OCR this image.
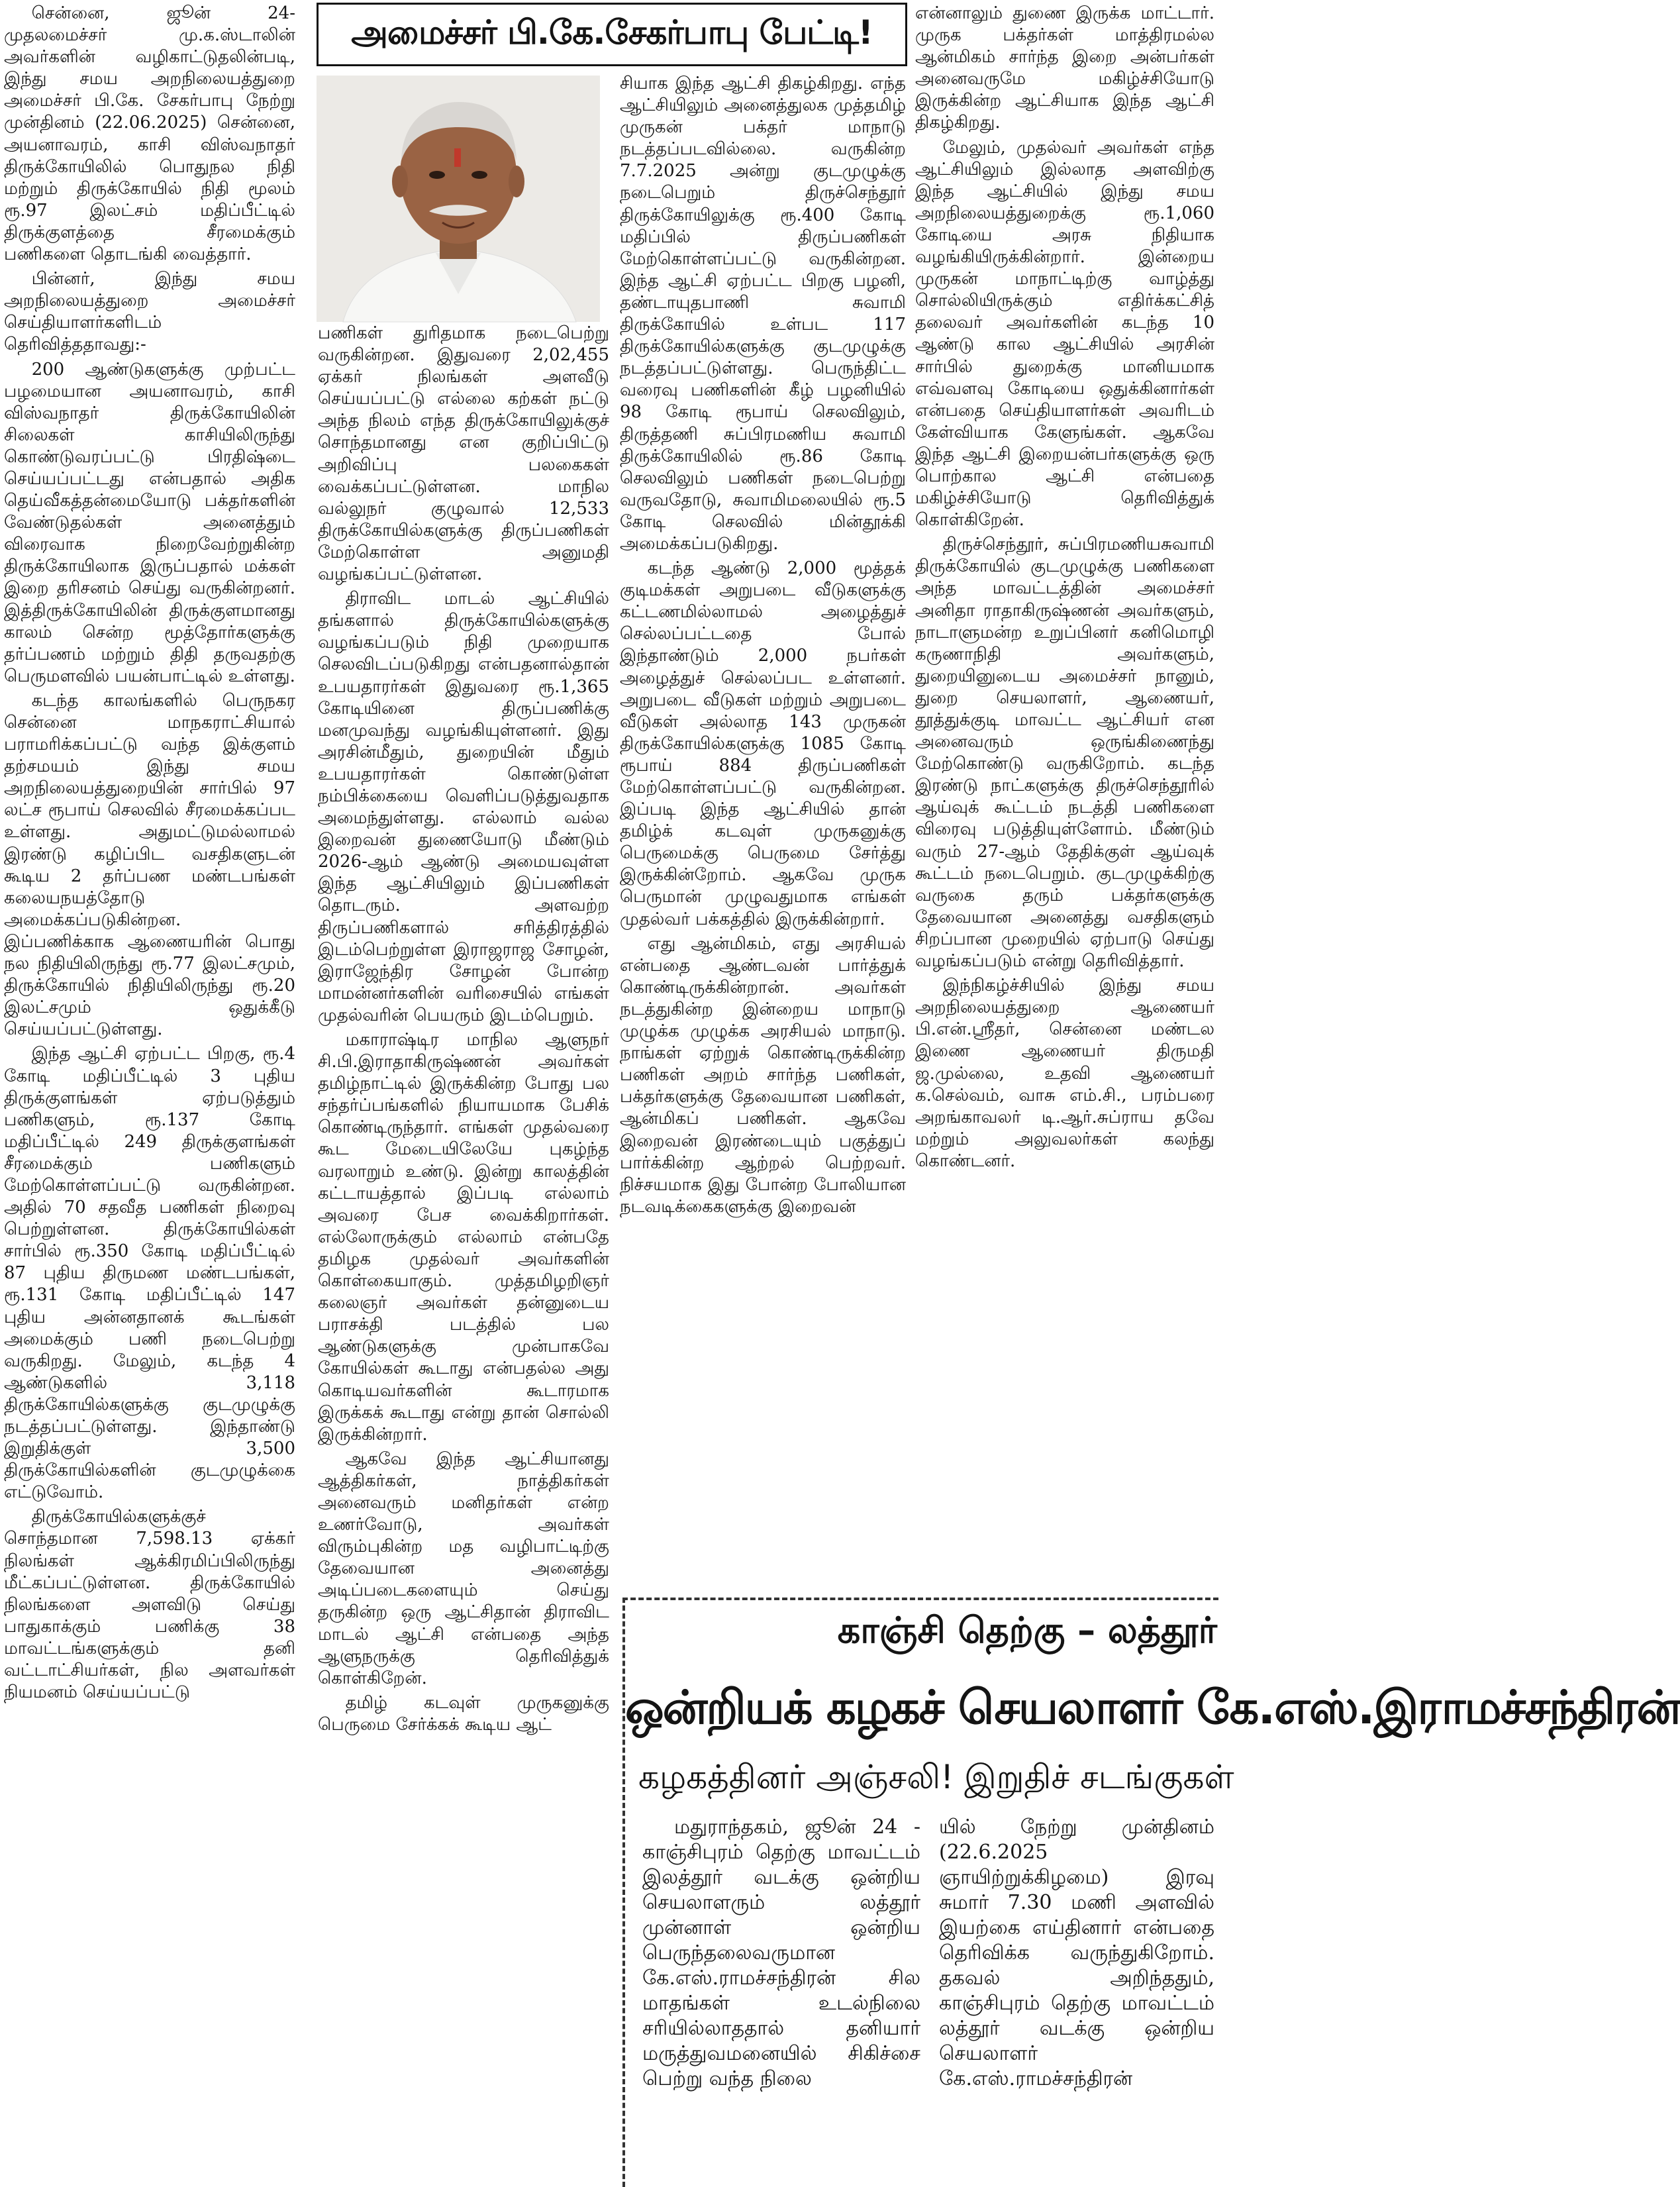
அமைச்சர் பி.கே.சேகர்பாபு பேட்டி!

சென்னை, ஜூன் 24- முதலமைச்சர் மு.க.ஸ்டாலின் அவர்களின் வழிகாட்டுதலின்படி, இந்து சமய அறநிலையத்துறை அமைச்சர் பி.கே. சேகர்பாபு நேற்று முன்தினம் (22.06.2025) சென்னை, அயனாவரம், காசி விஸ்வநாதர் திருக்கோயிலில் பொதுநல நிதி மற்றும் திருக்கோயில் நிதி மூலம் ரூ.97 இலட்சம் மதிப்பீட்டில் திருக்குளத்தை சீரமைக்கும் பணிகளை தொடங்கி வைத்தார்.

பின்னர், இந்து சமய அறநிலையத்துறை அமைச்சர் செய்தியாளர்களிடம் தெரிவித்ததாவது:-

200 ஆண்டுகளுக்கு முற்பட்ட பழமையான அயனாவரம், காசி விஸ்வநாதர் திருக்கோயிலின் சிலைகள் காசியிலிருந்து கொண்டுவரப்பட்டு பிரதிஷ்டை செய்யப்பட்டது என்பதால் அதிக தெய்வீகத்தன்மையோடு பக்தர்களின் வேண்டுதல்கள் அனைத்தும் விரைவாக நிறைவேற்றுகின்ற திருக்கோயிலாக இருப்பதால் மக்கள் இறை தரிசனம் செய்து வருகின்றனர். இத்திருக்கோயிலின் திருக்குளமானது காலம் சென்ற மூத்தோர்களுக்கு தர்ப்பணம் மற்றும் திதி தருவதற்கு பெருமளவில் பயன்பாட்டில் உள்ளது.

கடந்த காலங்களில் பெருநகர சென்னை மாநகராட்சியால் பராமரிக்கப்பட்டு வந்த இக்குளம் தற்சமயம் இந்து சமய அறநிலையத்துறையின் சார்பில் 97 லட்ச ரூபாய் செலவில் சீரமைக்கப்பட உள்ளது. அதுமட்டுமல்லாமல் இரண்டு கழிப்பிட வசதிகளுடன் கூடிய 2 தர்ப்பண மண்டபங்கள் கலையநயத்தோடு அமைக்கப்படுகின்றன. இப்பணிக்காக ஆணையரின் பொது நல நிதியிலிருந்து ரூ.77 இலட்சமும், திருக்கோயில் நிதியிலிருந்து ரூ.20 இலட்சமும் ஒதுக்கீடு செய்யப்பட்டுள்ளது.

இந்த ஆட்சி ஏற்பட்ட பிறகு, ரூ.4 கோடி மதிப்பீட்டில் 3 புதிய திருக்குளங்கள் ஏற்படுத்தும் பணிகளும், ரூ.137 கோடி மதிப்பீட்டில் 249 திருக்குளங்கள் சீரமைக்கும் பணிகளும் மேற்கொள்ளப்பட்டு வருகின்றன. அதில் 70 சதவீத பணிகள் நிறைவு பெற்றுள்ளன. திருக்கோயில்கள் சார்பில் ரூ.350 கோடி மதிப்பீட்டில் 87 புதிய திருமண மண்டபங்கள், ரூ.131 கோடி மதிப்பீட்டில் 147 புதிய அன்னதானக் கூடங்கள் அமைக்கும் பணி நடைபெற்று வருகிறது. மேலும், கடந்த 4 ஆண்டுகளில் 3,118 திருக்கோயில்களுக்கு குடமுழுக்கு நடத்தப்பட்டுள்ளது. இந்தாண்டு இறுதிக்குள் 3,500 திருக்கோயில்களின் குடமுழுக்கை எட்டுவோம்.

திருக்கோயில்களுக்குச் சொந்தமான 7,598.13 ஏக்கர் நிலங்கள் ஆக்கிரமிப்பிலிருந்து மீட்கப்பட்டுள்ளன. திருக்கோயில் நிலங்களை அளவிடு செய்து பாதுகாக்கும் பணிக்கு 38 மாவட்டங்களுக்கும் தனி வட்டாட்சியர்கள், நில அளவர்கள் நியமனம் செய்யப்பட்டு

பணிகள் துரிதமாக நடைபெற்று வருகின்றன. இதுவரை 2,02,455 ஏக்கர் நிலங்கள் அளவீடு செய்யப்பட்டு எல்லை கற்கள் நட்டு அந்த நிலம் எந்த திருக்கோயிலுக்குச் சொந்தமானது என குறிப்பிட்டு அறிவிப்பு பலகைகள் வைக்கப்பட்டுள்ளன. மாநில வல்லுநர் குழுவால் 12,533 திருக்கோயில்களுக்கு திருப்பணிகள் மேற்கொள்ள அனுமதி வழங்கப்பட்டுள்ளன.

திராவிட மாடல் ஆட்சியில் தங்களால் திருக்கோயில்களுக்கு வழங்கப்படும் நிதி முறையாக செலவிடப்படுகிறது என்பதனால்தான் உபயதாரர்கள் இதுவரை ரூ.1,365 கோடியினை திருப்பணிக்கு மனமுவந்து வழங்கியுள்ளனர். இது அரசின்மீதும், துறையின் மீதும் உபயதாரர்கள் கொண்டுள்ள நம்பிக்கையை வெளிப்படுத்துவதாக அமைந்துள்ளது. எல்லாம் வல்ல இறைவன் துணையோடு மீண்டும் 2026-ஆம் ஆண்டு அமையவுள்ள இந்த ஆட்சியிலும் இப்பணிகள் தொடரும். அளவற்ற திருப்பணிகளால் சரித்திரத்தில் இடம்பெற்றுள்ள இராஜராஜ சோழன், இராஜேந்திர சோழன் போன்ற மாமன்னர்களின் வரிசையில் எங்கள் முதல்வரின் பெயரும் இடம்பெறும்.

மகாராஷ்டிர மாநில ஆளுநர் சி.பி.இராதாகிருஷ்ணன் அவர்கள் தமிழ்நாட்டில் இருக்கின்ற போது பல சந்தர்ப்பங்களில் நியாயமாக பேசிக் கொண்டிருந்தார். எங்கள் முதல்வரை கூட மேடையிலேயே புகழ்ந்த வரலாறும் உண்டு. இன்று காலத்தின் கட்டாயத்தால் இப்படி எல்லாம் அவரை பேச வைக்கிறார்கள். எல்லோருக்கும் எல்லாம் என்பதே தமிழக முதல்வர் அவர்களின் கொள்கையாகும். முத்தமிழறிஞர் கலைஞர் அவர்கள் தன்னுடைய பராசக்தி படத்தில் பல ஆண்டுகளுக்கு முன்பாகவே கோயில்கள் கூடாது என்பதல்ல அது கொடியவர்களின் கூடாரமாக இருக்கக் கூடாது என்று தான் சொல்லி இருக்கின்றார்.

ஆகவே இந்த ஆட்சியானது ஆத்திகர்கள், நாத்திகர்கள் அனைவரும் மனிதர்கள் என்ற உணர்வோடு, அவர்கள் விரும்புகின்ற மத வழிபாட்டிற்கு தேவையான அனைத்து அடிப்படைகளையும் செய்து தருகின்ற ஒரு ஆட்சிதான் திராவிட மாடல் ஆட்சி என்பதை அந்த ஆளுநருக்கு தெரிவித்துக் கொள்கிறேன்.

தமிழ் கடவுள் முருகனுக்கு பெருமை சேர்க்கக் கூடிய ஆட்

சியாக இந்த ஆட்சி திகழ்கிறது. எந்த ஆட்சியிலும் அனைத்துலக முத்தமிழ் முருகன் பக்தர் மாநாடு நடத்தப்படவில்லை. வருகின்ற 7.7.2025 அன்று குடமுழுக்கு நடைபெறும் திருச்செந்தூர் திருக்கோயிலுக்கு ரூ.400 கோடி மதிப்பில் திருப்பணிகள் மேற்கொள்ளப்பட்டு வருகின்றன. இந்த ஆட்சி ஏற்பட்ட பிறகு பழனி, தண்டாயுதபாணி சுவாமி திருக்கோயில் உள்பட 117 திருக்கோயில்களுக்கு குடமுழுக்கு நடத்தப்பட்டுள்ளது. பெருந்திட்ட வரைவு பணிகளின் கீழ் பழனியில் 98 கோடி ரூபாய் செலவிலும், திருத்தணி சுப்பிரமணிய சுவாமி திருக்கோயிலில் ரூ.86 கோடி செலவிலும் பணிகள் நடைபெற்று வருவதோடு, சுவாமிமலையில் ரூ.5 கோடி செலவில் மின்தூக்கி அமைக்கப்படுகிறது.

கடந்த ஆண்டு 2,000 மூத்தக் குடிமக்கள் அறுபடை வீடுகளுக்கு கட்டணமில்லாமல் அழைத்துச் செல்லப்பட்டதை போல் இந்தாண்டும் 2,000 நபர்கள் அழைத்துச் செல்லப்பட உள்ளனர். அறுபடை வீடுகள் மற்றும் அறுபடை வீடுகள் அல்லாத 143 முருகன் திருக்கோயில்களுக்கு 1085 கோடி ரூபாய் 884 திருப்பணிகள் மேற்கொள்ளப்பட்டு வருகின்றன. இப்படி இந்த ஆட்சியில் தான் தமிழ்க் கடவுள் முருகனுக்கு பெருமைக்கு பெருமை சேர்த்து இருக்கின்றோம். ஆகவே முருக பெருமான் முழுவதுமாக எங்கள் முதல்வர் பக்கத்தில் இருக்கின்றார்.

எது ஆன்மிகம், எது அரசியல் என்பதை ஆண்டவன் பார்த்துக் கொண்டிருக்கின்றான். அவர்கள் நடத்துகின்ற இன்றைய மாநாடு முழுக்க முழுக்க அரசியல் மாநாடு. நாங்கள் ஏற்றுக் கொண்டிருக்கின்ற பணிகள் அறம் சார்ந்த பணிகள், பக்தர்களுக்கு தேவையான பணிகள், ஆன்மிகப் பணிகள். ஆகவே இறைவன் இரண்டையும் பகுத்துப் பார்க்கின்ற ஆற்றல் பெற்றவர். நிச்சயமாக இது போன்ற போலியான நடவடிக்கைகளுக்கு இறைவன்

என்னாலும் துணை இருக்க மாட்டார். முருக பக்தர்கள் மாத்திரமல்ல ஆன்மிகம் சார்ந்த இறை அன்பர்கள் அனைவருமே மகிழ்ச்சியோடு இருக்கின்ற ஆட்சியாக இந்த ஆட்சி திகழ்கிறது.

மேலும், முதல்வர் அவர்கள் எந்த ஆட்சியிலும் இல்லாத அளவிற்கு இந்த ஆட்சியில் இந்து சமய அறநிலையத்துறைக்கு ரூ.1,060 கோடியை அரசு நிதியாக வழங்கியிருக்கின்றார். இன்றைய முருகன் மாநாட்டிற்கு வாழ்த்து சொல்லியிருக்கும் எதிர்க்கட்சித் தலைவர் அவர்களின் கடந்த 10 ஆண்டு கால ஆட்சியில் அரசின் சார்பில் துறைக்கு மானியமாக எவ்வளவு கோடியை ஒதுக்கினார்கள் என்பதை செய்தியாளர்கள் அவரிடம் கேள்வியாக கேளுங்கள். ஆகவே இந்த ஆட்சி இறையன்பர்களுக்கு ஒரு பொற்கால ஆட்சி என்பதை மகிழ்ச்சியோடு தெரிவித்துக் கொள்கிறேன்.

திருச்செந்தூர், சுப்பிரமணியசுவாமி திருக்கோயில் குடமுழுக்கு பணிகளை அந்த மாவட்டத்தின் அமைச்சர் அனிதா ராதாகிருஷ்ணன் அவர்களும், நாடாளுமன்ற உறுப்பினர் கனிமொழி கருணாநிதி அவர்களும், துறையினுடைய அமைச்சர் நானும், துறை செயலாளர், ஆணையர், தூத்துக்குடி மாவட்ட ஆட்சியர் என அனைவரும் ஒருங்கிணைந்து மேற்கொண்டு வருகிறோம். கடந்த இரண்டு நாட்களுக்கு திருச்செந்தூரில் ஆய்வுக் கூட்டம் நடத்தி பணிகளை விரைவு படுத்தியுள்ளோம். மீண்டும் வரும் 27-ஆம் தேதிக்குள் ஆய்வுக் கூட்டம் நடைபெறும். குடமுழுக்கிற்கு வருகை தரும் பக்தர்களுக்கு தேவையான அனைத்து வசதிகளும் சிறப்பான முறையில் ஏற்பாடு செய்து வழங்கப்படும் என்று தெரிவித்தார்.

இந்நிகழ்ச்சியில் இந்து சமய அறநிலையத்துறை ஆணையர் பி.என்.ஸ்ரீதர், சென்னை மண்டல இணை ஆணையர் திருமதி ஜ.முல்லை, உதவி ஆணையர் க.செல்வம், வாசு எம்.சி., பரம்பரை அறங்காவலர் டி.ஆர்.சுப்ராய தவே மற்றும் அலுவலர்கள் கலந்து கொண்டனர்.

காஞ்சி தெற்கு – லத்தூர்
ஒன்றியக் கழகச் செயலாளர் கே.எஸ்.இராமச்சந்திரன்
கழகத்தினர் அஞ்சலி! இறுதிச் சடங்குகள்

மதுராந்தகம், ஜூன் 24 - காஞ்சிபுரம் தெற்கு மாவட்டம் இலத்தூர் வடக்கு ஒன்றிய செயலாளரும் லத்தூர் முன்னாள் ஒன்றிய பெருந்தலைவருமான கே.எஸ்.ராமச்சந்திரன் சில மாதங்கள் உடல்நிலை சரியில்லாததால் தனியார் மருத்துவமனையில் சிகிச்சை பெற்று வந்த நிலை

யில் நேற்று முன்தினம் (22.6.2025 ஞாயிற்றுக்கிழமை) இரவு சுமார் 7.30 மணி அளவில் இயற்கை எய்தினார் என்பதை தெரிவிக்க வருந்துகிறோம். தகவல் அறிந்ததும், காஞ்சிபுரம் தெற்கு மாவட்டம் லத்தூர் வடக்கு ஒன்றிய செயலாளர் கே.எஸ்.ராமச்சந்திரன்
